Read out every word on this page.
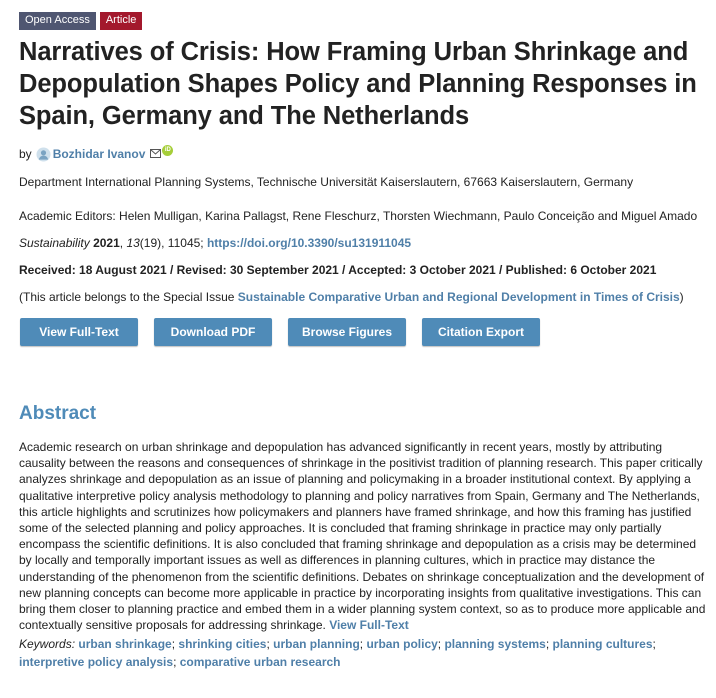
Open Access	Article
Narratives of Crisis: How Framing Urban Shrinkage and Depopulation Shapes Policy and Planning Responses in Spain, Germany and The Netherlands
by Bozhidar Ivanov	iD
Department International Planning Systems, Technische Universität Kaiserslautern, 67663 Kaiserslautern, Germany
Academic Editors: Helen Mulligan, Karina Pallagst, Rene Fleschurz, Thorsten Wiechmann, Paulo Conceição and Miguel Amado
Sustainability 2021, 13(19), 11045; https://doi.org/10.3390/su131911045
Received: 18 August 2021 / Revised: 30 September 2021 / Accepted: 3 October 2021 / Published: 6 October 2021
(This article belongs to the Special Issue Sustainable Comparative Urban and Regional Development in Times of Crisis)
View Full-Text	Download PDF	Browse Figures	Citation Export
Abstract
Academic research on urban shrinkage and depopulation has advanced significantly in recent years, mostly by attributing causality between the reasons and consequences of shrinkage in the positivist tradition of planning research. This paper critically analyzes shrinkage and depopulation as an issue of planning and policymaking in a broader institutional context. By applying a qualitative interpretive policy analysis methodology to planning and policy narratives from Spain, Germany and The Netherlands, this article highlights and scrutinizes how policymakers and planners have framed shrinkage, and how this framing has justified some of the selected planning and policy approaches. It is concluded that framing shrinkage in practice may only partially encompass the scientific definitions. It is also concluded that framing shrinkage and depopulation as a crisis may be determined by locally and temporally important issues as well as differences in planning cultures, which in practice may distance the understanding of the phenomenon from the scientific definitions. Debates on shrinkage conceptualization and the development of new planning concepts can become more applicable in practice by incorporating insights from qualitative investigations. This can bring them closer to planning practice and embed them in a wider planning system context, so as to produce more applicable and contextually sensitive proposals for addressing shrinkage. View Full-Text
Keywords: urban shrinkage; shrinking cities; urban planning; urban policy; planning systems; planning cultures; interpretive policy analysis; comparative urban research
